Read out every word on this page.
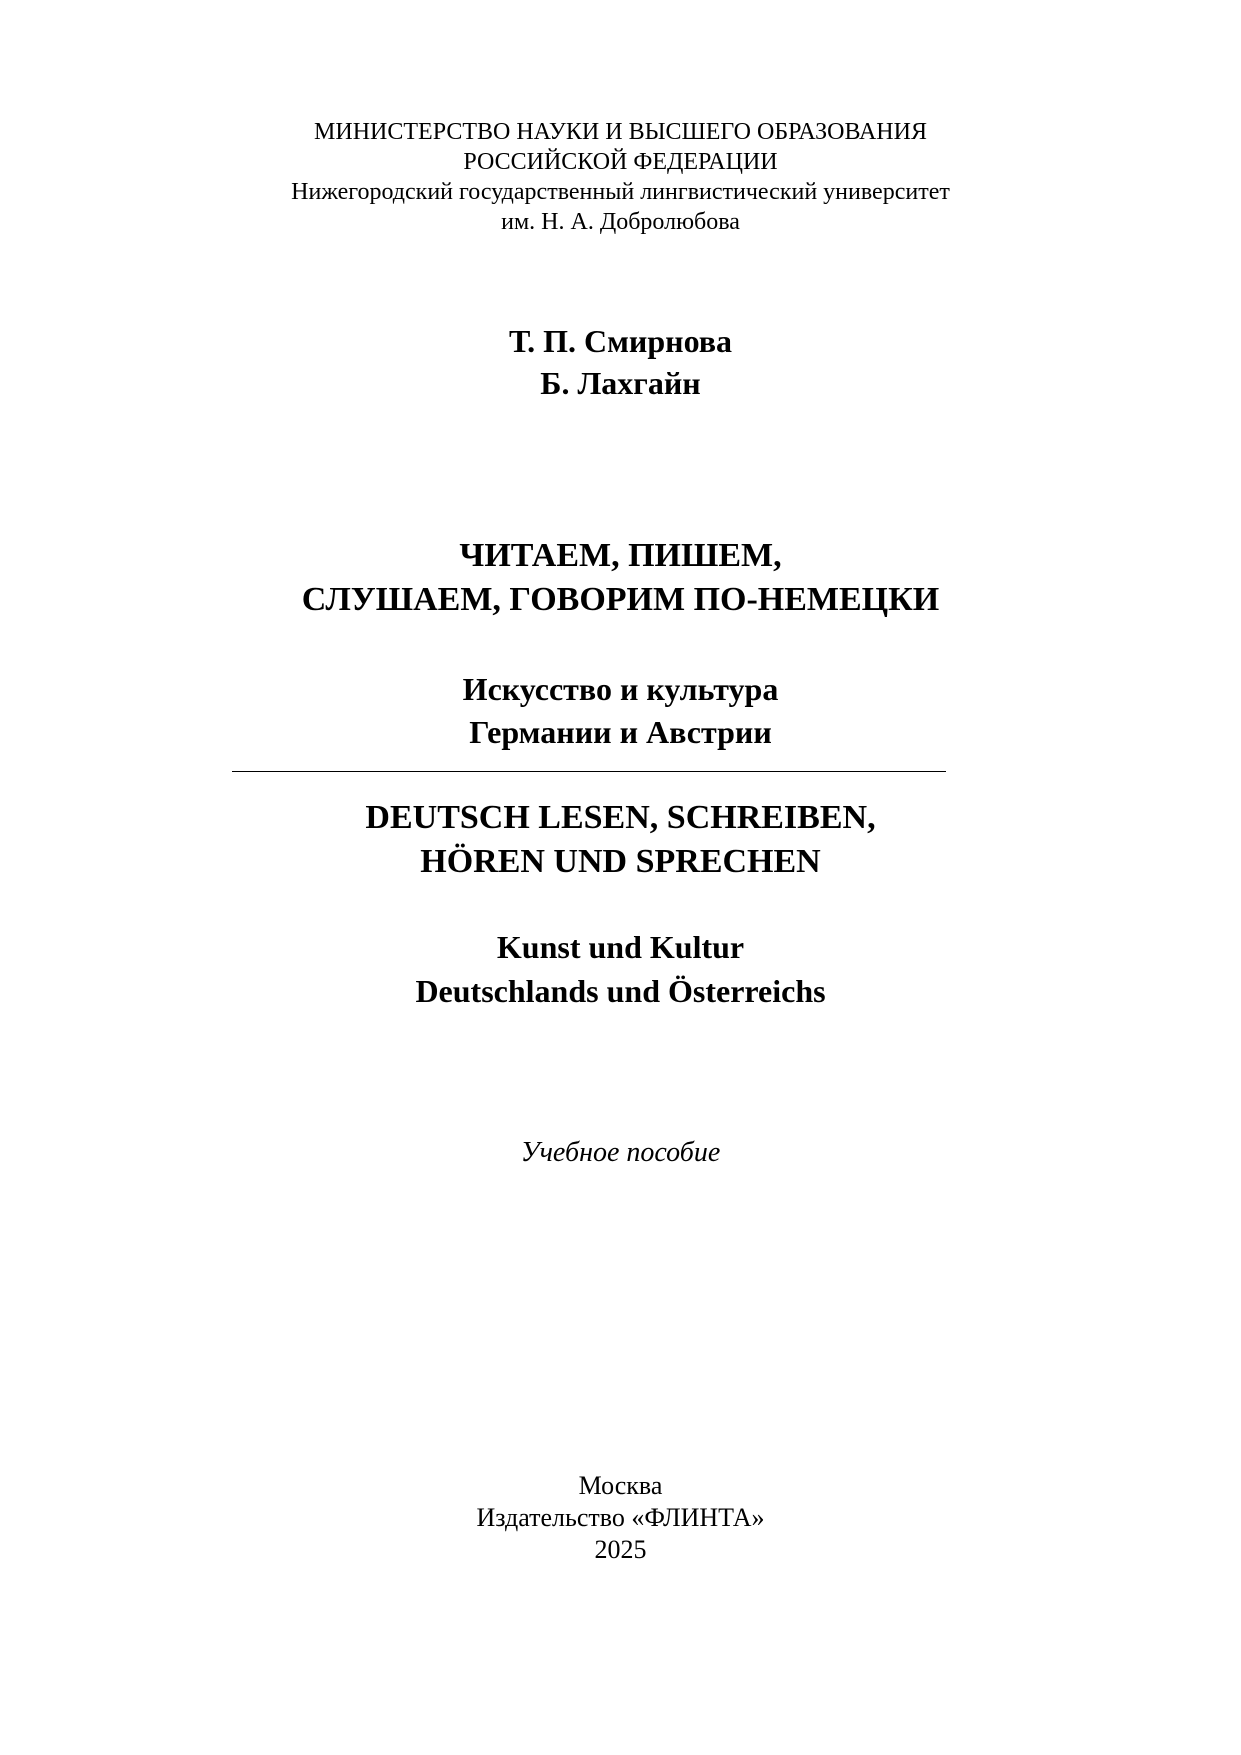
МИНИСТЕРСТВО НАУКИ И ВЫСШЕГО ОБРАЗОВАНИЯ
РОССИЙСКОЙ ФЕДЕРАЦИИ
Нижегородский государственный лингвистический университет
им. Н. А. Добролюбова
Т. П. Смирнова
Б. Лахгайн
ЧИТАЕМ, ПИШЕМ,
СЛУШАЕМ, ГОВОРИМ ПО-НЕМЕЦКИ
Искусство и культура
Германии и Австрии
DEUTSCH LESEN, SCHREIBEN,
HÖREN UND SPRECHEN
Kunst und Kultur
Deutschlands und Österreichs
Учебное пособие
Москва
Издательство «ФЛИНТА»
2025
